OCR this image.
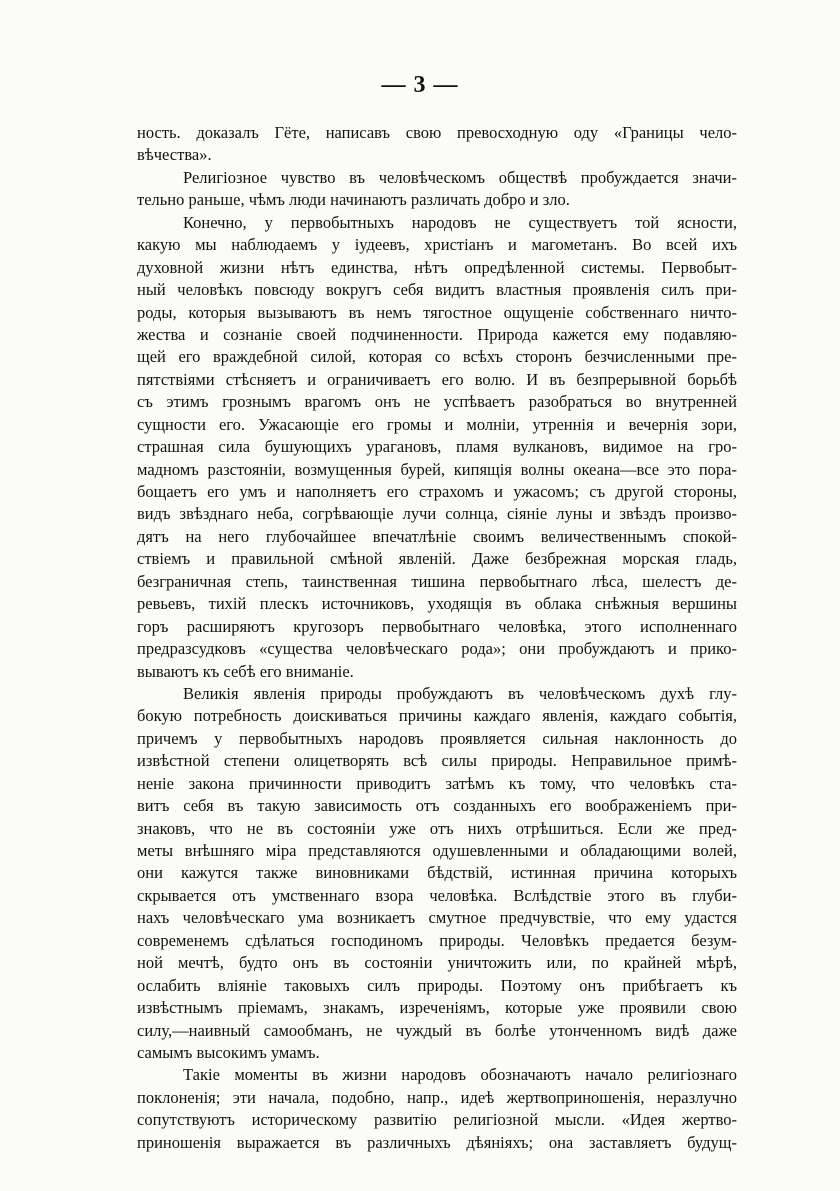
— 3 —
ность. доказалъ Гёте, написавъ свою превосходную оду «Границы чело-
вѣчества».
Религіозное чувство въ человѣческомъ обществѣ пробуждается значи-
тельно раньше, чѣмъ люди начинаютъ различать добро и зло.
Конечно, у первобытныхъ народовъ не существуетъ той ясности,
какую мы наблюдаемъ у іудеевъ, христіанъ и магометанъ. Во всей ихъ
духовной жизни нѣтъ единства, нѣтъ опредѣленной системы. Первобыт-
ный человѣкъ повсюду вокругъ себя видитъ властныя проявленія силъ при-
роды, которыя вызываютъ въ немъ тягостное ощущеніе собственнаго ничто-
жества и сознаніе своей подчиненности. Природа кажется ему подавляю-
щей его враждебной силой, которая со всѣхъ сторонъ безчисленными пре-
пятствіями стѣсняетъ и ограничиваетъ его волю. И въ безпрерывной борьбѣ
съ этимъ грознымъ врагомъ онъ не успѣваетъ разобраться во внутренней
сущности его. Ужасающіе его громы и молніи, утреннія и вечернія зори,
страшная сила бушующихъ урагановъ, пламя вулкановъ, видимое на гро-
мадномъ разстояніи, возмущенныя бурей, кипящія волны океана—все это пора-
бощаетъ его умъ и наполняетъ его страхомъ и ужасомъ; съ другой стороны,
видъ звѣзднаго неба, согрѣвающіе лучи солнца, сіяніе луны и звѣздъ произво-
дятъ на него глубочайшее впечатлѣніе своимъ величественнымъ спокой-
ствіемъ и правильной смѣной явленій. Даже безбрежная морская гладь,
безграничная степь, таинственная тишина первобытнаго лѣса, шелестъ де-
ревьевъ, тихій плескъ источниковъ, уходящія въ облака снѣжныя вершины
горъ расширяютъ кругозоръ первобытнаго человѣка, этого исполненнаго
предразсудковъ «существа человѣческаго рода»; они пробуждаютъ и прико-
вываютъ къ себѣ его вниманіе.
Великія явленія природы пробуждаютъ въ человѣческомъ духѣ глу-
бокую потребность доискиваться причины каждаго явленія, каждаго событія,
причемъ у первобытныхъ народовъ проявляется сильная наклонность до
извѣстной степени олицетворять всѣ силы природы. Неправильное примѣ-
неніе закона причинности приводитъ затѣмъ къ тому, что человѣкъ ста-
витъ себя въ такую зависимость отъ созданныхъ его воображеніемъ при-
знаковъ, что не въ состояніи уже отъ нихъ отрѣшиться. Если же пред-
меты внѣшняго міра представляются одушевленными и обладающими волей,
они кажутся также виновниками бѣдствій, истинная причина которыхъ
скрывается отъ умственнаго взора человѣка. Вслѣдствіе этого въ глуби-
нахъ человѣческаго ума возникаетъ смутное предчувствіе, что ему удастся
современемъ сдѣлаться господиномъ природы. Человѣкъ предается безум-
ной мечтѣ, будто онъ въ состояніи уничтожить или, по крайней мѣрѣ,
ослабить вліяніе таковыхъ силъ природы. Поэтому онъ прибѣгаетъ къ
извѣстнымъ пріемамъ, знакамъ, изреченіямъ, которые уже проявили свою
силу,—наивный самообманъ, не чуждый въ болѣе утонченномъ видѣ даже
самымъ высокимъ умамъ.
Такіе моменты въ жизни народовъ обозначаютъ начало религіознаго
поклоненія; эти начала, подобно, напр., идеѣ жертвоприношенія, неразлучно
сопутствуютъ историческому развитію религіозной мысли. «Идея жертво-
приношенія выражается въ различныхъ дѣяніяхъ; она заставляетъ будущ-
